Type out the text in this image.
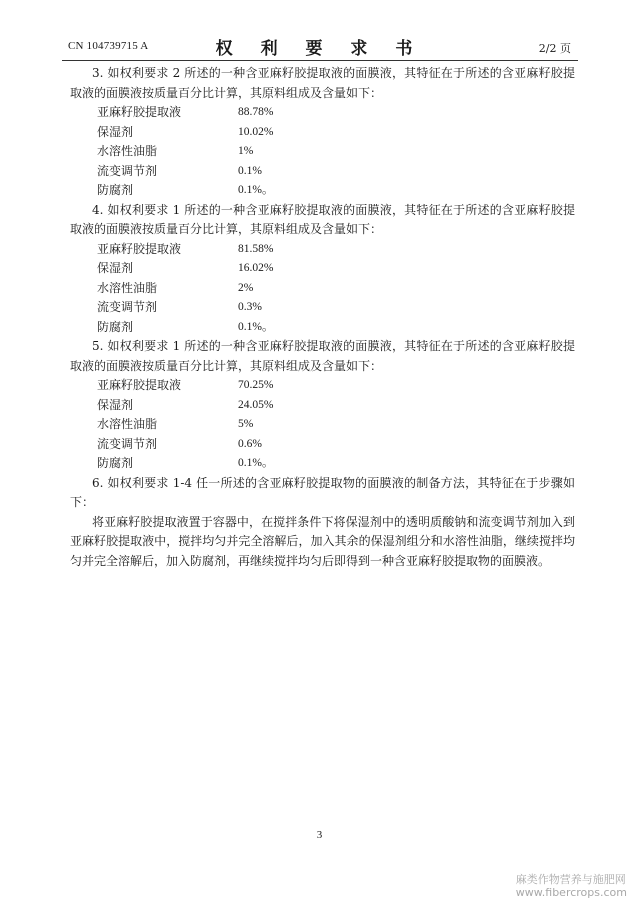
CN 104739715 A	权 利 要 求 书	2/2 页

3. 如权利要求 2 所述的一种含亚麻籽胶提取液的面膜液，其特征在于所述的含亚麻籽胶提取液的面膜液按质量百分比计算，其原料组成及含量如下：

亚麻籽胶提取液	88.78%
保湿剂	10.02%
水溶性油脂	1%
流变调节剂	0.1%
防腐剂	0.1%。

4. 如权利要求 1 所述的一种含亚麻籽胶提取液的面膜液，其特征在于所述的含亚麻籽胶提取液的面膜液按质量百分比计算，其原料组成及含量如下：

亚麻籽胶提取液	81.58%
保湿剂	16.02%
水溶性油脂	2%
流变调节剂	0.3%
防腐剂	0.1%。

5. 如权利要求 1 所述的一种含亚麻籽胶提取液的面膜液，其特征在于所述的含亚麻籽胶提取液的面膜液按质量百分比计算，其原料组成及含量如下：

亚麻籽胶提取液	70.25%
保湿剂	24.05%
水溶性油脂	5%
流变调节剂	0.6%
防腐剂	0.1%。

6. 如权利要求 1-4 任一所述的含亚麻籽胶提取物的面膜液的制备方法，其特征在于步骤如下：

将亚麻籽胶提取液置于容器中，在搅拌条件下将保湿剂中的透明质酸钠和流变调节剂加入到亚麻籽胶提取液中，搅拌均匀并完全溶解后，加入其余的保湿剂组分和水溶性油脂，继续搅拌均匀并完全溶解后，加入防腐剂，再继续搅拌均匀后即得到一种含亚麻籽胶提取物的面膜液。

3
麻类作物营养与施肥网
www.fibercrops.com
